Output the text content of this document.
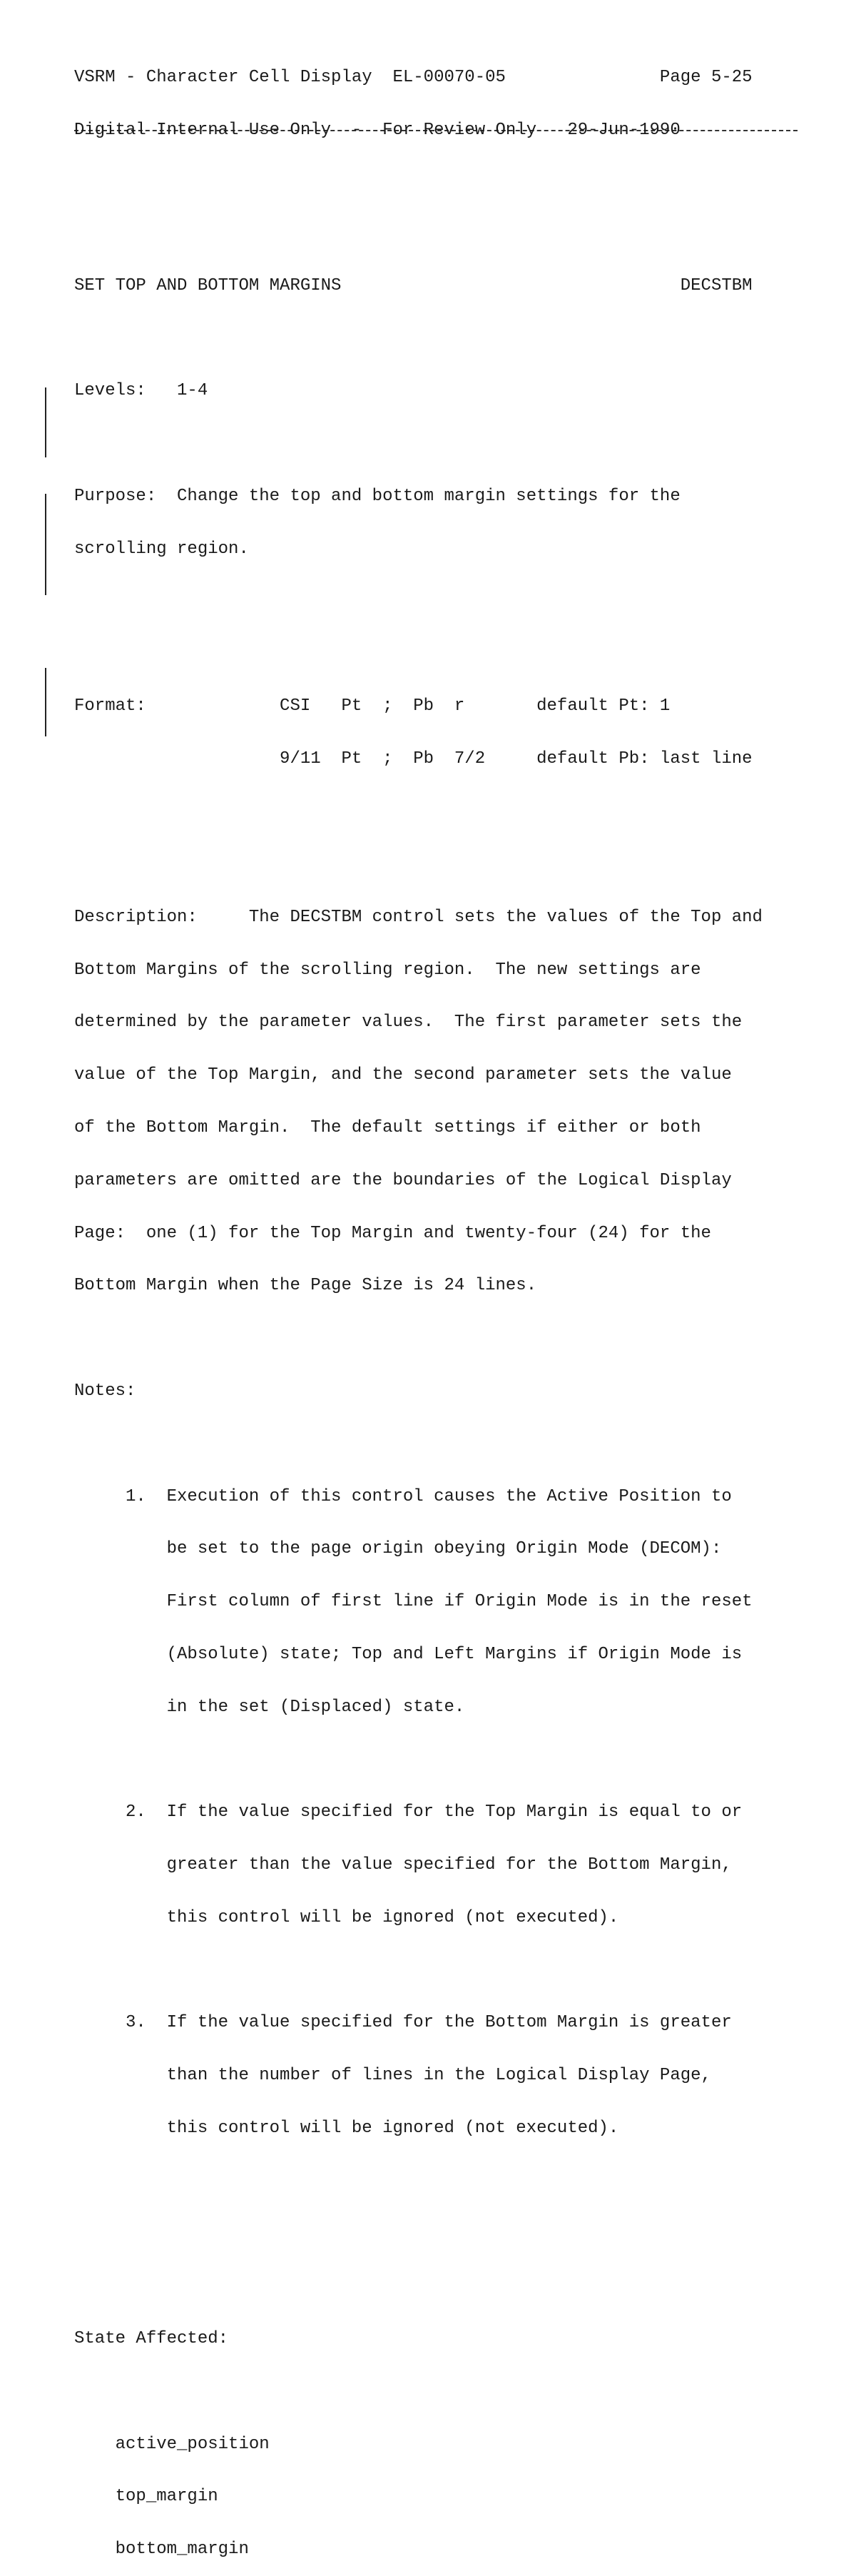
VSRM - Character Cell Display  EL-00070-05               Page 5-25

Digital Internal Use Only  -  For Review Only   29-Jun-1990

SET TOP AND BOTTOM MARGINS                                 DECSTBM

Levels:   1-4

Purpose:  Change the top and bottom margin settings for the

scrolling region.

Format:             CSI   Pt  ;  Pb  r       default Pt: 1

9/11  Pt  ;  Pb  7/2     default Pb: last line

Description:     The DECSTBM control sets the values of the Top and

Bottom Margins of the scrolling region.  The new settings are

determined by the parameter values.  The first parameter sets the

value of the Top Margin, and the second parameter sets the value

of the Bottom Margin.  The default settings if either or both

parameters are omitted are the boundaries of the Logical Display

Page:  one (1) for the Top Margin and twenty-four (24) for the

Bottom Margin when the Page Size is 24 lines.

Notes:

1.  Execution of this control causes the Active Position to

be set to the page origin obeying Origin Mode (DECOM):

First column of first line if Origin Mode is in the reset

(Absolute) state; Top and Left Margins if Origin Mode is

in the set (Displaced) state.

2.  If the value specified for the Top Margin is equal to or

greater than the value specified for the Bottom Margin,

this control will be ignored (not executed).

3.  If the value specified for the Bottom Margin is greater

than the number of lines in the Logical Display Page,

this control will be ignored (not executed).

State Affected:

active_position

top_margin

bottom_margin
